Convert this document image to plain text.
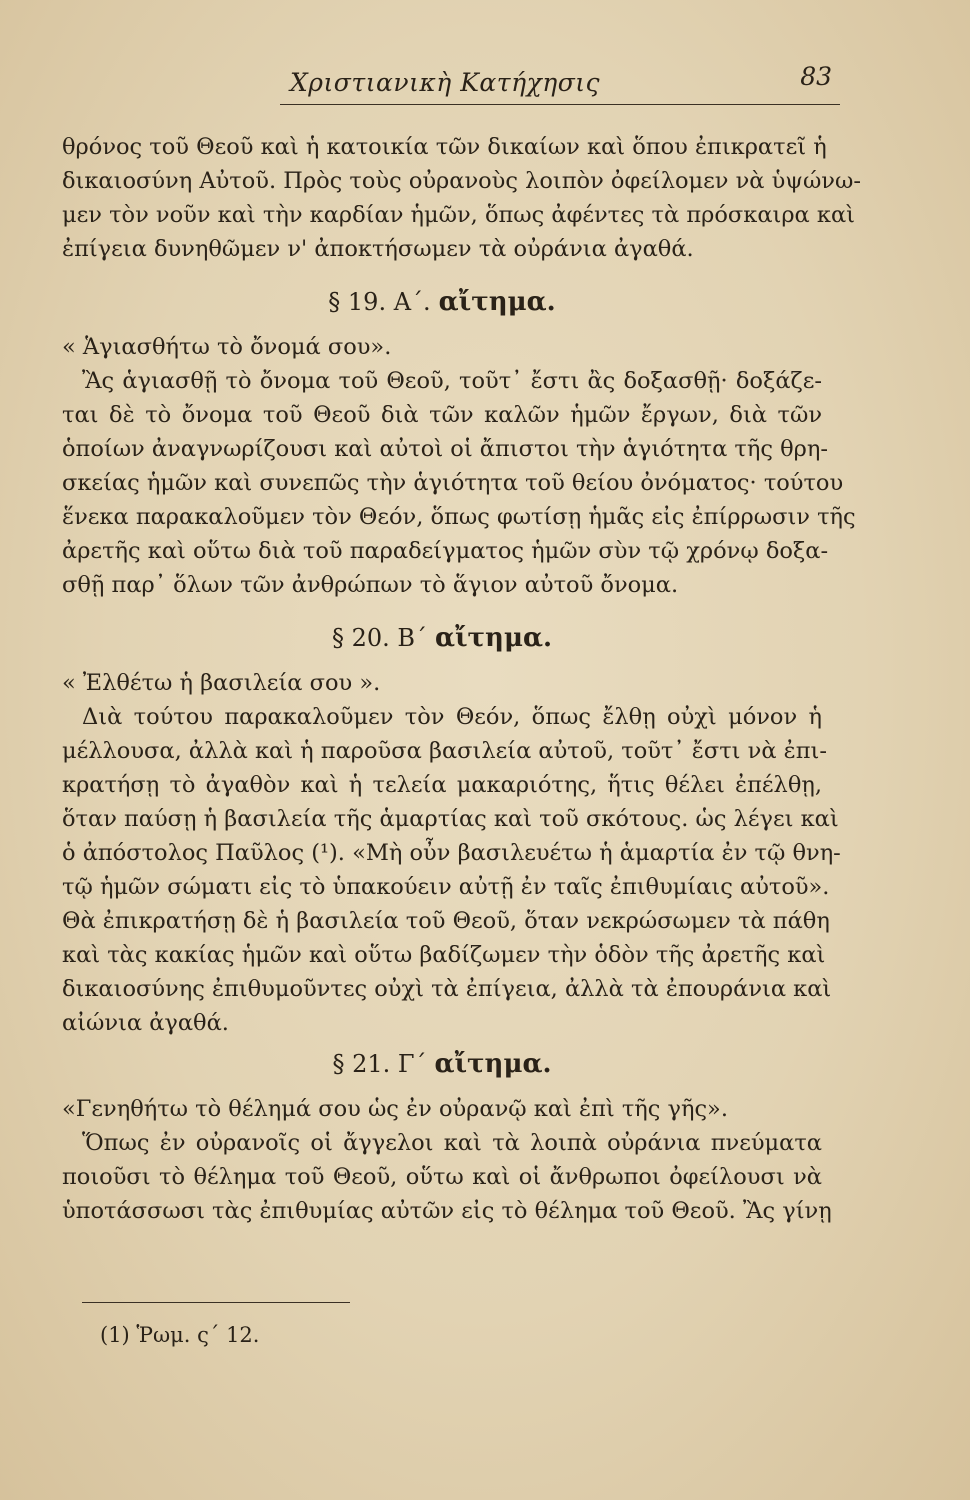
Χριστιανικὴ Κατήχησις	83
θρόνος τοῦ Θεοῦ καὶ ἡ κατοικία τῶν δικαίων καὶ ὅπου ἐπικρατεῖ ἡ
δικαιοσύνη Αὐτοῦ. Πρὸς τοὺς οὐρανοὺς λοιπὸν ὀφείλομεν νὰ ὑψώνω-
μεν τὸν νοῦν καὶ τὴν καρδίαν ἡμῶν, ὅπως ἀφέντες τὰ πρόσκαιρα καὶ
ἐπίγεια δυνηθῶμεν ν' ἀποκτήσωμεν τὰ οὐράνια ἀγαθά.
§ 19. Α΄. αἴτημα.
« Ἁγιασθήτω τὸ ὄνομά σου».
Ἂς ἁγιασθῇ τὸ ὄνομα τοῦ Θεοῦ, τοῦτ᾽ ἔστι ἂς δοξασθῇ· δοξάζε-
ται δὲ τὸ ὄνομα τοῦ Θεοῦ διὰ τῶν καλῶν ἡμῶν ἔργων, διὰ τῶν
ὁποίων ἀναγνωρίζουσι καὶ αὐτοὶ οἱ ἄπιστοι τὴν ἁγιότητα τῆς θρη-
σκείας ἡμῶν καὶ συνεπῶς τὴν ἁγιότητα τοῦ θείου ὀνόματος· τούτου
ἕνεκα παρακαλοῦμεν τὸν Θεόν, ὅπως φωτίσῃ ἡμᾶς εἰς ἐπίρρωσιν τῆς
ἀρετῆς καὶ οὕτω διὰ τοῦ παραδείγματος ἡμῶν σὺν τῷ χρόνῳ δοξα-
σθῇ παρ᾽ ὅλων τῶν ἀνθρώπων τὸ ἅγιον αὐτοῦ ὄνομα.
§ 20. Β΄ αἴτημα.
« Ἐλθέτω ἡ βασιλεία σου ».
Διὰ τούτου παρακαλοῦμεν τὸν Θεόν, ὅπως ἔλθῃ οὐχὶ μόνον ἡ
μέλλουσα, ἀλλὰ καὶ ἡ παροῦσα βασιλεία αὐτοῦ, τοῦτ᾽ ἔστι νὰ ἐπι-
κρατήσῃ τὸ ἀγαθὸν καὶ ἡ τελεία μακαριότης, ἥτις θέλει ἐπέλθῃ,
ὅταν παύσῃ ἡ βασιλεία τῆς ἁμαρτίας καὶ τοῦ σκότους. ὡς λέγει καὶ
ὁ ἀπόστολος Παῦλος (¹). «Μὴ οὖν βασιλευέτω ἡ ἁμαρτία ἐν τῷ θνη-
τῷ ἡμῶν σώματι εἰς τὸ ὑπακούειν αὐτῇ ἐν ταῖς ἐπιθυμίαις αὐτοῦ».
Θὰ ἐπικρατήσῃ δὲ ἡ βασιλεία τοῦ Θεοῦ, ὅταν νεκρώσωμεν τὰ πάθη
καὶ τὰς κακίας ἡμῶν καὶ οὕτω βαδίζωμεν τὴν ὁδὸν τῆς ἀρετῆς καὶ
δικαιοσύνης ἐπιθυμοῦντες οὐχὶ τὰ ἐπίγεια, ἀλλὰ τὰ ἐπουράνια καὶ
αἰώνια ἀγαθά.
§ 21. Γ΄ αἴτημα.
«Γενηθήτω τὸ θέλημά σου ὡς ἐν οὐρανῷ καὶ ἐπὶ τῆς γῆς».
Ὅπως ἐν οὐρανοῖς οἱ ἄγγελοι καὶ τὰ λοιπὰ οὐράνια πνεύματα
ποιοῦσι τὸ θέλημα τοῦ Θεοῦ, οὕτω καὶ οἱ ἄνθρωποι ὀφείλουσι νὰ
ὑποτάσσωσι τὰς ἐπιθυμίας αὐτῶν εἰς τὸ θέλημα τοῦ Θεοῦ. Ἂς γίνῃ
(1) Ῥωμ. ς΄ 12.
